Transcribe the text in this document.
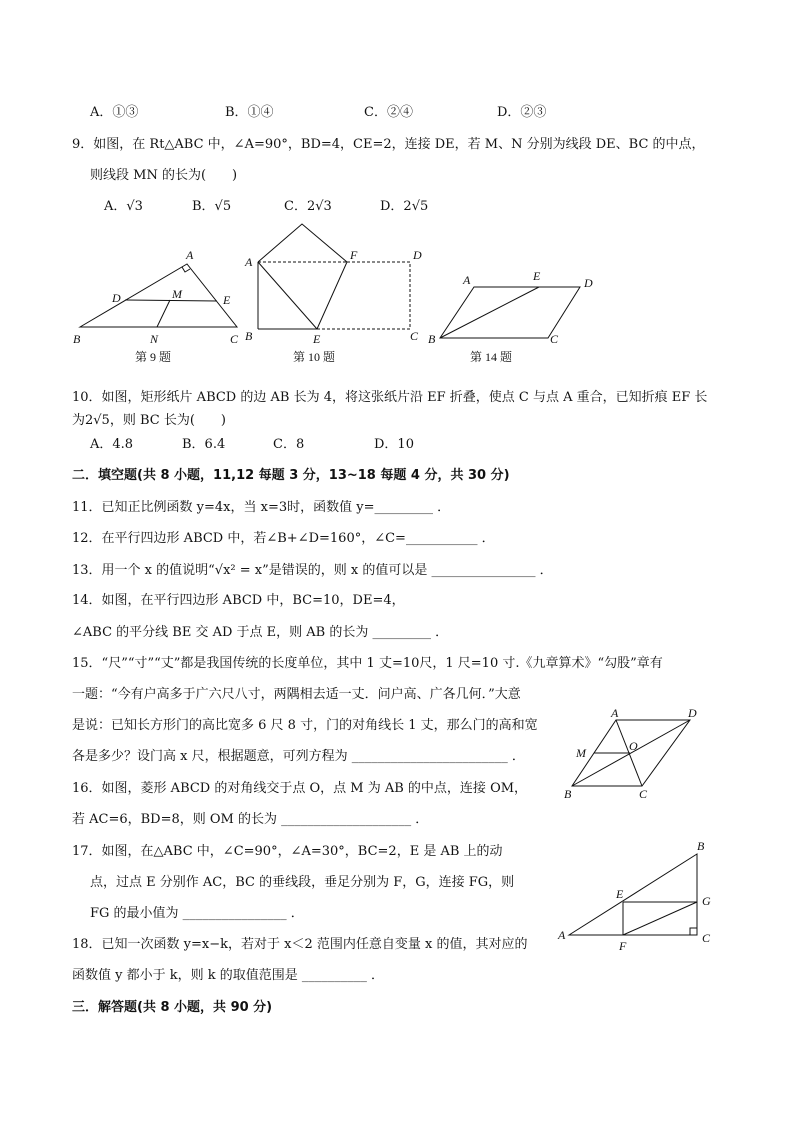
A．①③	B．①④	C．②④	D．②③
9．如图，在 Rt△ABC 中，∠A=90°，BD=4，CE=2，连接 DE，若 M、N 分别为线段 DE、BC 的中点，
则线段 MN 的长为(　　)
A．√3	B．√5	C．2√3	D．2√5
A
D	M	E
B	N	C
A	F	D
B	E	C
A	E	D
B	C
第 9 题	第 10 题	第 14 题
10．如图，矩形纸片 ABCD 的边 AB 长为 4，将这张纸片沿 EF 折叠，使点 C 与点 A 重合，已知折痕 EF 长
为2√5，则 BC 长为(　　)
A．4.8	B．6.4	C．8	D．10
二．填空题(共 8 小题，11,12 每题 3 分，13~18 每题 4 分，共 30 分)
11．已知正比例函数 y=4x，当 x=3时，函数值 y=_________ ．
12．在平行四边形 ABCD 中，若∠B+∠D=160°，∠C=___________ ．
13．用一个 x 的值说明“√x² = x”是错误的，则 x 的值可以是 ________________ ．
14．如图，在平行四边形 ABCD 中，BC=10，DE=4，
∠ABC 的平分线 BE 交 AD 于点 E，则 AB 的长为 _________ ．
15．“尺”“寸”“丈”都是我国传统的长度单位，其中 1 丈=10尺，1 尺=10 寸.《九章算术》“勾股”章有
一题：“今有户高多于广六尺八寸，两隅相去适一丈．问户高、广各几何．”大意
是说：已知长方形门的高比宽多 6 尺 8 寸，门的对角线长 1 丈，那么门的高和宽
各是多少？设门高 x 尺，根据题意，可列方程为 ________________________ ．
16．如图，菱形 ABCD 的对角线交于点 O，点 M 为 AB 的中点，连接 OM，
若 AC=6，BD=8，则 OM 的长为 ____________________ ．
17．如图，在△ABC 中，∠C=90°，∠A=30°，BC=2，E 是 AB 上的动
点，过点 E 分别作 AC，BC 的垂线段，垂足分别为 F，G，连接 FG，则
FG 的最小值为 ________________ ．
18．已知一次函数 y=x−k，若对于 x＜2 范围内任意自变量 x 的值，其对应的
函数值 y 都小于 k，则 k 的取值范围是 __________ ．
三．解答题(共 8 小题，共 90 分)
A	D
M	O
B	C
B
E	G
A
F
C
